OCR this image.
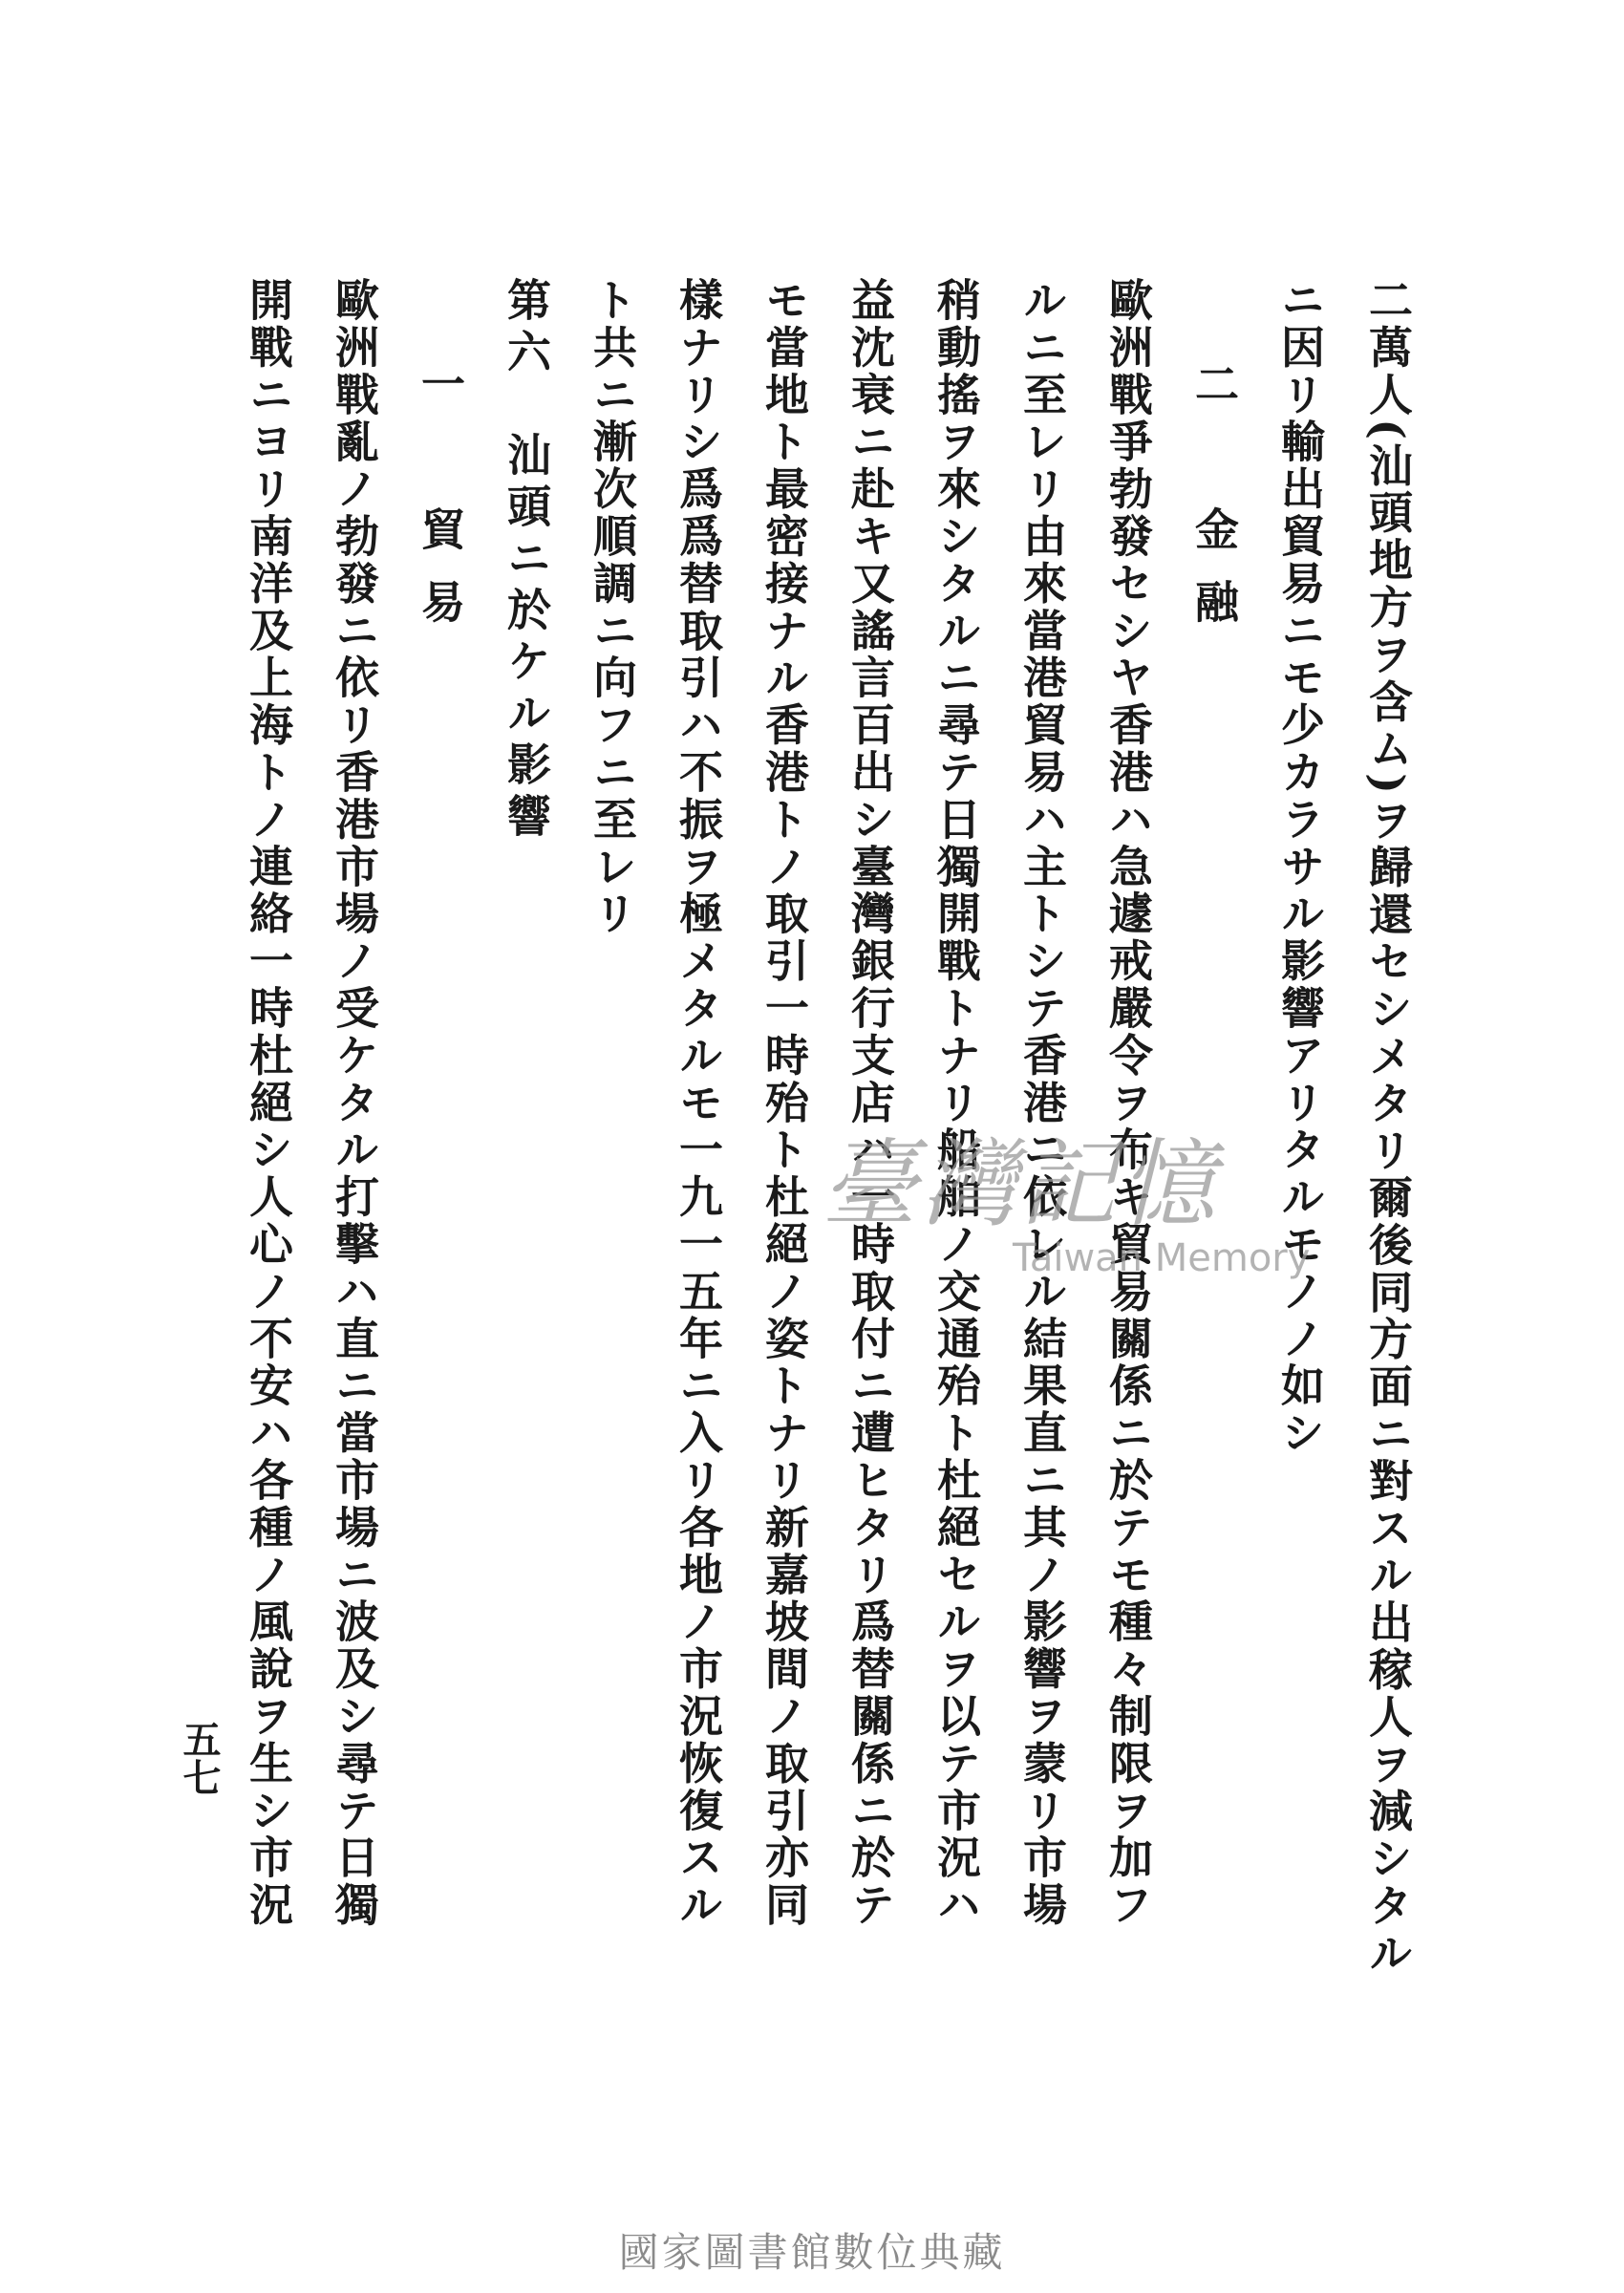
二萬人(汕頭地方ヲ含ム)ヲ歸還セシメタリ爾後同方面ニ對スル出稼人ヲ減シタル
ニ因リ輸出貿易ニモ少カラサル影響アリタルモノノ如シ
二　金融
歐洲戰爭勃發セシヤ香港ハ急遽戒嚴令ヲ布キ貿易關係ニ於テモ種々制限ヲ加フ
ルニ至レリ由來當港貿易ハ主トシテ香港ニ依レル結果直ニ其ノ影響ヲ蒙リ市場
稍動搖ヲ來シタルニ尋テ日獨開戰トナリ船舶ノ交通殆ト杜絕セルヲ以テ市況ハ
益沈衰ニ赴キ又謠言百出シ臺灣銀行支店ハ一時取付ニ遭ヒタリ爲替關係ニ於テ
モ當地ト最密接ナル香港トノ取引一時殆ト杜絕ノ姿トナリ新嘉坡間ノ取引亦同
樣ナリシ爲爲替取引ハ不振ヲ極メタルモ一九一五年ニ入リ各地ノ市況恢復スル
ト共ニ漸次順調ニ向フニ至レリ
第六　汕頭ニ於ケル影響
一　貿易
歐洲戰亂ノ勃發ニ依リ香港市場ノ受ケタル打擊ハ直ニ當市場ニ波及シ尋テ日獨
開戰ニヨリ南洋及上海トノ連絡一時杜絕シ人心ノ不安ハ各種ノ風說ヲ生シ市況
五七
臺灣記憶
Taiwan Memory
國家圖書館數位典藏
